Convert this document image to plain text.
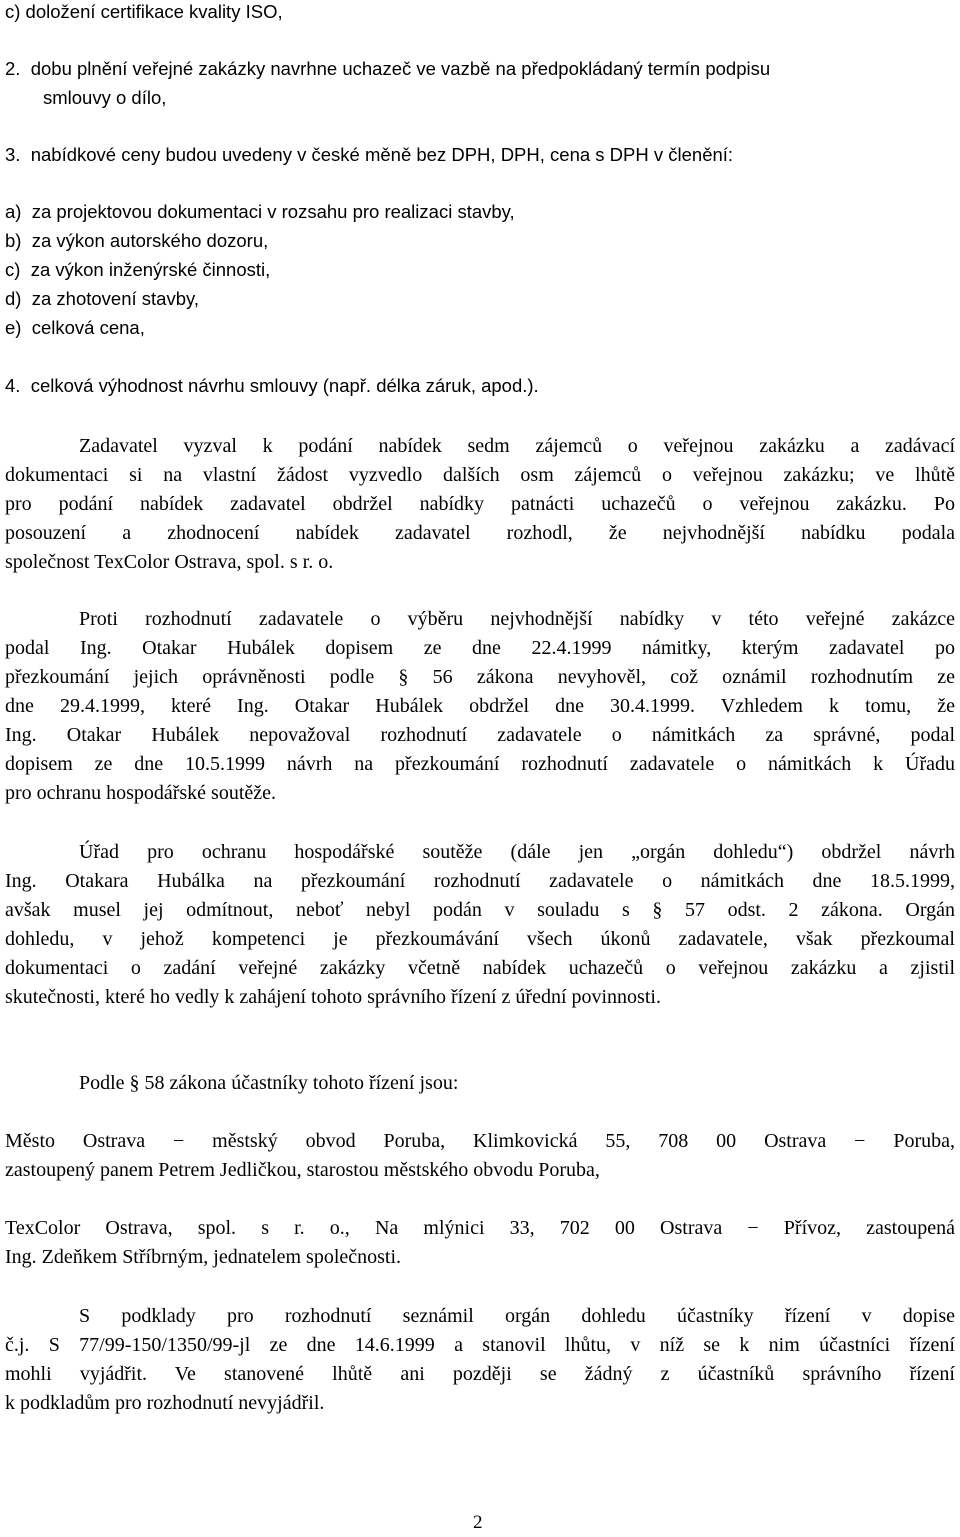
c) doložení certifikace kvality ISO,
2.  dobu plnění veřejné zakázky navrhne uchazeč ve vazbě na předpokládaný termín podpisu
smlouvy o dílo,
3.  nabídkové ceny budou uvedeny v české měně bez DPH, DPH, cena s DPH v členění:
a)  za projektovou dokumentaci v rozsahu pro realizaci stavby,
b)  za výkon autorského dozoru,
c)  za výkon inženýrské činnosti,
d)  za zhotovení stavby,
e)  celková cena,
4.  celková výhodnost návrhu smlouvy (např. délka záruk, apod.).
Zadavatel vyzval k podání nabídek sedm zájemců o veřejnou zakázku a zadávací
dokumentaci si na vlastní žádost vyzvedlo dalších osm zájemců o veřejnou zakázku; ve lhůtě
pro podání nabídek zadavatel obdržel nabídky patnácti uchazečů o veřejnou zakázku. Po
posouzení a zhodnocení nabídek zadavatel rozhodl, že nejvhodnější nabídku podala
společnost TexColor Ostrava, spol. s r. o.
Proti rozhodnutí zadavatele o výběru nejvhodnější nabídky v této veřejné zakázce
podal Ing. Otakar Hubálek dopisem ze dne 22.4.1999 námitky, kterým zadavatel po
přezkoumání jejich oprávněnosti podle § 56 zákona nevyhověl, což oznámil rozhodnutím ze
dne 29.4.1999, které Ing. Otakar Hubálek obdržel dne 30.4.1999. Vzhledem k tomu, že
Ing. Otakar Hubálek nepovažoval rozhodnutí zadavatele o námitkách za správné, podal
dopisem ze dne 10.5.1999 návrh na přezkoumání rozhodnutí zadavatele o námitkách k Úřadu
pro ochranu hospodářské soutěže.
Úřad pro ochranu hospodářské soutěže (dále jen „orgán dohledu“) obdržel návrh
Ing. Otakara Hubálka na přezkoumání rozhodnutí zadavatele o námitkách dne 18.5.1999,
avšak musel jej odmítnout, neboť nebyl podán v souladu s § 57 odst. 2 zákona. Orgán
dohledu, v jehož kompetenci je přezkoumávání všech úkonů zadavatele, však přezkoumal
dokumentaci o zadání veřejné zakázky včetně nabídek uchazečů o veřejnou zakázku a zjistil
skutečnosti, které ho vedly k zahájení tohoto správního řízení z úřední povinnosti.
Podle § 58 zákona účastníky tohoto řízení jsou:
Město Ostrava − městský obvod Poruba, Klimkovická 55, 708 00 Ostrava − Poruba,
zastoupený panem Petrem Jedličkou, starostou městského obvodu Poruba,
TexColor Ostrava, spol. s r. o., Na mlýnici 33, 702 00 Ostrava − Přívoz, zastoupená
Ing. Zdeňkem Stříbrným, jednatelem společnosti.
S podklady pro rozhodnutí seznámil orgán dohledu účastníky řízení v dopise
č.j. S 77/99-150/1350/99-jl ze dne 14.6.1999 a stanovil lhůtu, v níž se k nim účastníci řízení
mohli vyjádřit. Ve stanovené lhůtě ani později se žádný z účastníků správního řízení
k podkladům pro rozhodnutí nevyjádřil.
2
